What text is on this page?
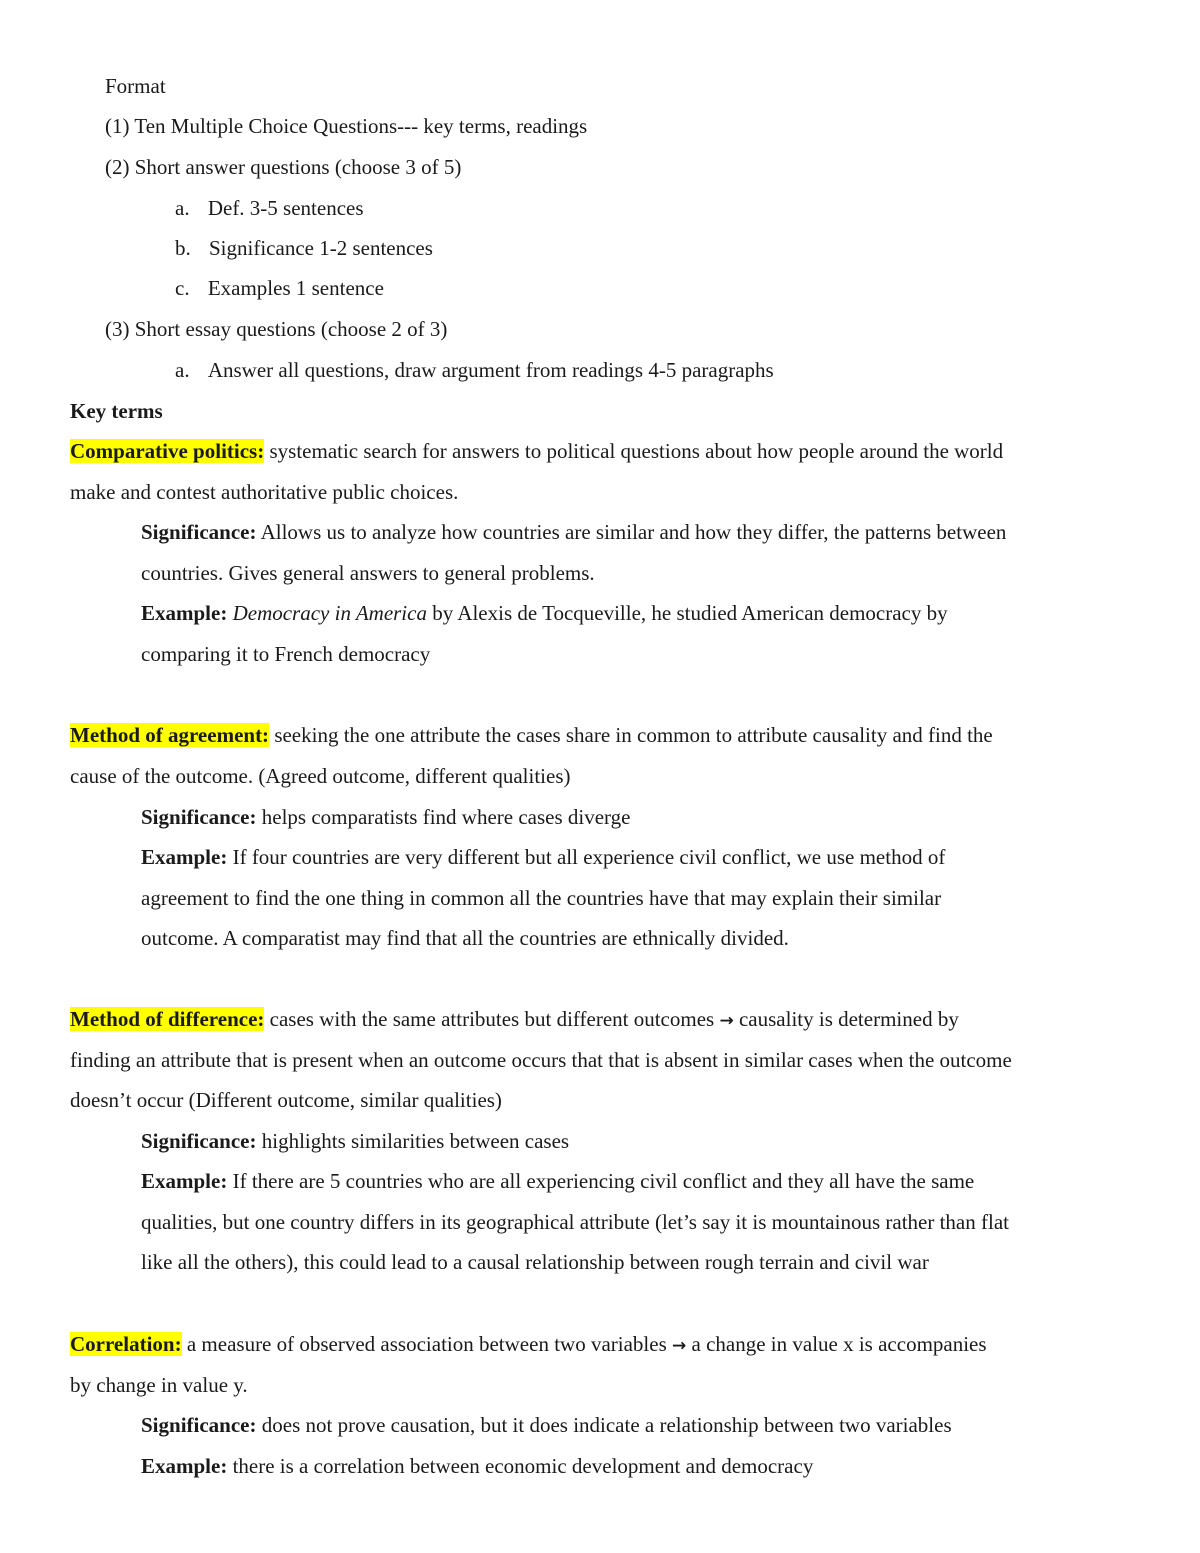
Format
(1) Ten Multiple Choice Questions--- key terms, readings
(2) Short answer questions (choose 3 of 5)
a. Def. 3-5 sentences
b. Significance 1-2 sentences
c. Examples 1 sentence
(3) Short essay questions (choose 2 of 3)
a. Answer all questions, draw argument from readings 4-5 paragraphs
Key terms
Comparative politics: systematic search for answers to political questions about how people around the world
make and contest authoritative public choices.
Significance: Allows us to analyze how countries are similar and how they differ, the patterns between
countries. Gives general answers to general problems.
Example: Democracy in America by Alexis de Tocqueville, he studied American democracy by
comparing it to French democracy
Method of agreement: seeking the one attribute the cases share in common to attribute causality and find the
cause of the outcome. (Agreed outcome, different qualities)
Significance: helps comparatists find where cases diverge
Example: If four countries are very different but all experience civil conflict, we use method of
agreement to find the one thing in common all the countries have that may explain their similar
outcome. A comparatist may find that all the countries are ethnically divided.
Method of difference: cases with the same attributes but different outcomes → causality is determined by
finding an attribute that is present when an outcome occurs that that is absent in similar cases when the outcome
doesn’t occur (Different outcome, similar qualities)
Significance: highlights similarities between cases
Example: If there are 5 countries who are all experiencing civil conflict and they all have the same
qualities, but one country differs in its geographical attribute (let’s say it is mountainous rather than flat
like all the others), this could lead to a causal relationship between rough terrain and civil war
Correlation: a measure of observed association between two variables → a change in value x is accompanies
by change in value y.
Significance: does not prove causation, but it does indicate a relationship between two variables
Example: there is a correlation between economic development and democracy
